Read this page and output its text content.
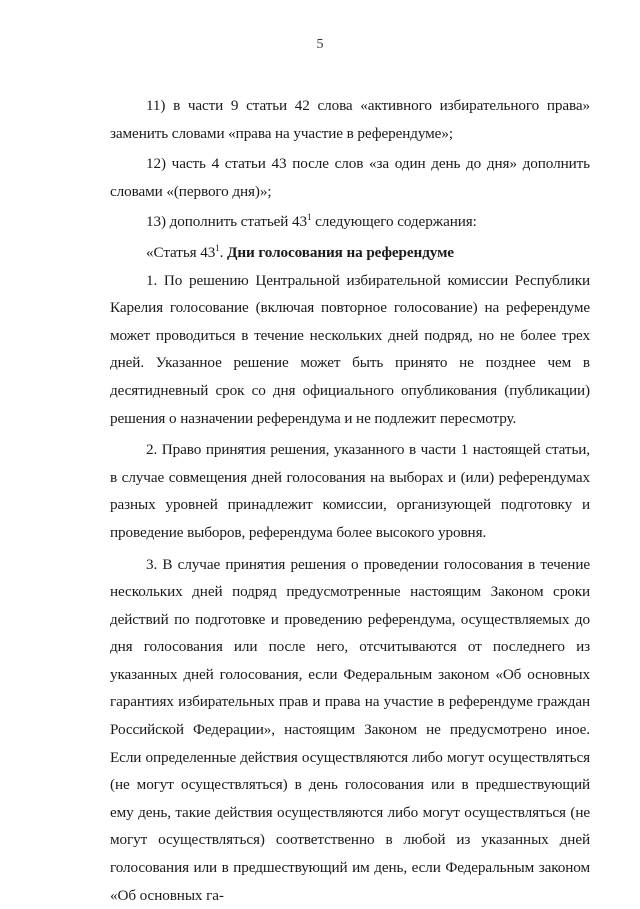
5

11) в части 9 статьи 42 слова «активного избирательного права» заменить словами «права на участие в референдуме»;

12) часть 4 статьи 43 после слов «за один день до дня» дополнить словами «(первого дня)»;

13) дополнить статьей $43^1$ следующего содержания:

«Статья $43^1$. Дни голосования на референдуме

1. По решению Центральной избирательной комиссии Республики Карелия голосование (включая повторное голосование) на референдуме может проводиться в течение нескольких дней подряд, но не более трех дней. Указанное решение может быть принято не позднее чем в десятидневный срок со дня официального опубликования (публикации) решения о назначении референдума и не подлежит пересмотру.

2. Право принятия решения, указанного в части 1 настоящей статьи, в случае совмещения дней голосования на выборах и (или) референдумах разных уровней принадлежит комиссии, организующей подготовку и проведение выборов, референдума более высокого уровня.

3. В случае принятия решения о проведении голосования в течение нескольких дней подряд предусмотренные настоящим Законом сроки действий по подготовке и проведению референдума, осуществляемых до дня голосования или после него, отсчитываются от последнего из указанных дней голосования, если Федеральным законом «Об основных гарантиях избирательных прав и права на участие в референдуме граждан Российской Федерации», настоящим Законом не предусмотрено иное. Если определенные действия осуществляются либо могут осуществляться (не могут осуществляться) в день голосования или в предшествующий ему день, такие действия осуществляются либо могут осуществляться (не могут осуществляться) соответственно в любой из указанных дней голосования или в предшествующий им день, если Федеральным законом «Об основных га-
